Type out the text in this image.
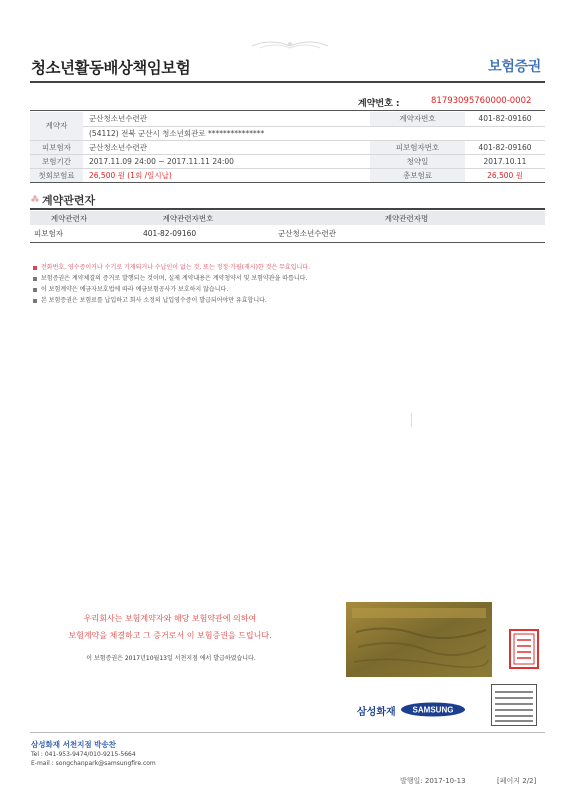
청소년활동배상책임보험	보험증권
계약번호 :	81793095760000-0002
계약자	군산청소년수련관	계약자번호	401-82-09160
	(54112) 전북 군산시 청소년회관로 ***************		
피보험자	군산청소년수련관	피보험자번호	401-82-09160
보험기간	2017.11.09 24:00 ~ 2017.11.11 24:00	청약일	2017.10.11
첫회보험료	26,500 원 (1회 /일시납)	총보험료	26,500 원
계약관련자
계약관련자	계약관련자번호	계약관련자명
피보험자	401-82-09160	군산청소년수련관
전화번호, 영수증이거나 수기로 기재되거나 수납인이 없는 것, 또는 정정·가필(재시)한 것은 무효입니다.
보험증권은 계약체결의 증거로 발행되는 것이며, 실제 계약내용은 계약청약서 및 보험약관을 따릅니다.
이 보험계약은 예금자보호법에 따라 예금보험공사가 보호하지 않습니다.
본 보험증권은 보험료를 납입하고 회사 소정의 납입영수증이 발급되어야만 유효합니다.
우리회사는 보험계약자와 해당 보험약관에 의하여
보험계약을 체결하고 그 증거로서 이 보험증권을 드립니다.
이 보험증권은 2017년10월13일 서천지점 에서 발급하였습니다.
삼성화재 SAMSUNG
삼성화재 서천지점 박송찬
Tel : 041-953-9474/010-9215-5664
E-mail : songchanpark@samsungfire.com
발행일: 2017-10-13	[페이지 2/2]
